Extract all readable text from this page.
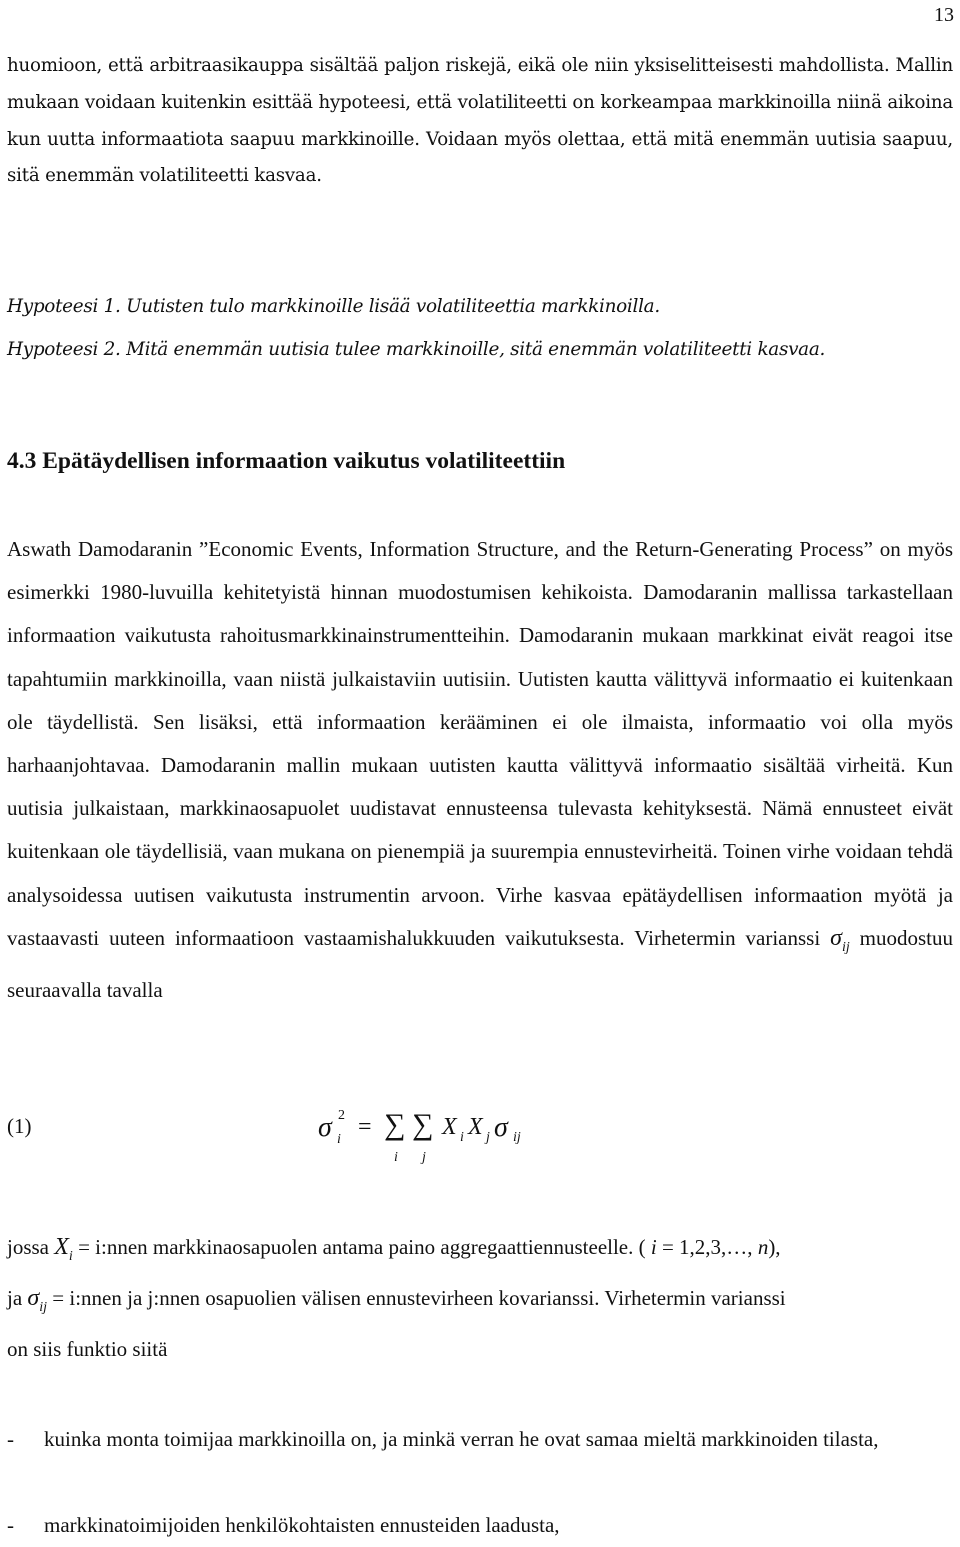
13

huomioon, että arbitraasikauppa sisältää paljon riskejä, eikä ole niin yksiselitteisesti mahdollista. Mallin mukaan voidaan kuitenkin esittää hypoteesi, että volatiliteetti on korkeampaa markkinoilla niinä aikoina kun uutta informaatiota saapuu markkinoille. Voidaan myös olettaa, että mitä enemmän uutisia saapuu, sitä enemmän volatiliteetti kasvaa.

Hypoteesi 1. Uutisten tulo markkinoille lisää volatiliteettia markkinoilla.

Hypoteesi 2. Mitä enemmän uutisia tulee markkinoille, sitä enemmän volatiliteetti kasvaa.

4.3 Epätäydellisen informaation vaikutus volatiliteettiin

Aswath Damodaranin ”Economic Events, Information Structure, and the Return-Generating Process” on myös esimerkki 1980-luvuilla kehitetyistä hinnan muodostumisen kehikoista. Damodaranin mallissa tarkastellaan informaation vaikutusta rahoitusmarkkinainstrumentteihin. Damodaranin mukaan markkinat eivät reagoi itse tapahtumiin markkinoilla, vaan niistä julkaistaviin uutisiin. Uutisten kautta välittyvä informaatio ei kuitenkaan ole täydellistä. Sen lisäksi, että informaation kerääminen ei ole ilmaista, informaatio voi olla myös harhaanjohtavaa. Damodaranin mallin mukaan uutisten kautta välittyvä informaatio sisältää virheitä. Kun uutisia julkaistaan, markkinaosapuolet uudistavat ennusteensa tulevasta kehityksestä. Nämä ennusteet eivät kuitenkaan ole täydellisiä, vaan mukana on pienempiä ja suurempia ennustevirheitä. Toinen virhe voidaan tehdä analysoidessa uutisen vaikutusta instrumentin arvoon. Virhe kasvaa epätäydellisen informaation myötä ja vastaavasti uuteen informaatioon vastaamishalukkuuden vaikutuksesta. Virhetermin varianssi $\sigma_{ij}$ muodostuu seuraavalla tavalla

(1)	σ 2
i = ∑
i
∑
j
X i X j σ ij

jossa $X_i$ = i:nnen markkinaosapuolen antama paino aggregaattiennusteelle. ( i = 1,2,3,…, n),

ja $\sigma_{ij}$ = i:nnen ja j:nnen osapuolien välisen ennustevirheen kovarianssi. Virhetermin varianssi

on siis funktio siitä

- kuinka monta toimijaa markkinoilla on, ja minkä verran he ovat samaa mieltä markkinoiden tilasta,
- markkinatoimijoiden henkilökohtaisten ennusteiden laadusta,
